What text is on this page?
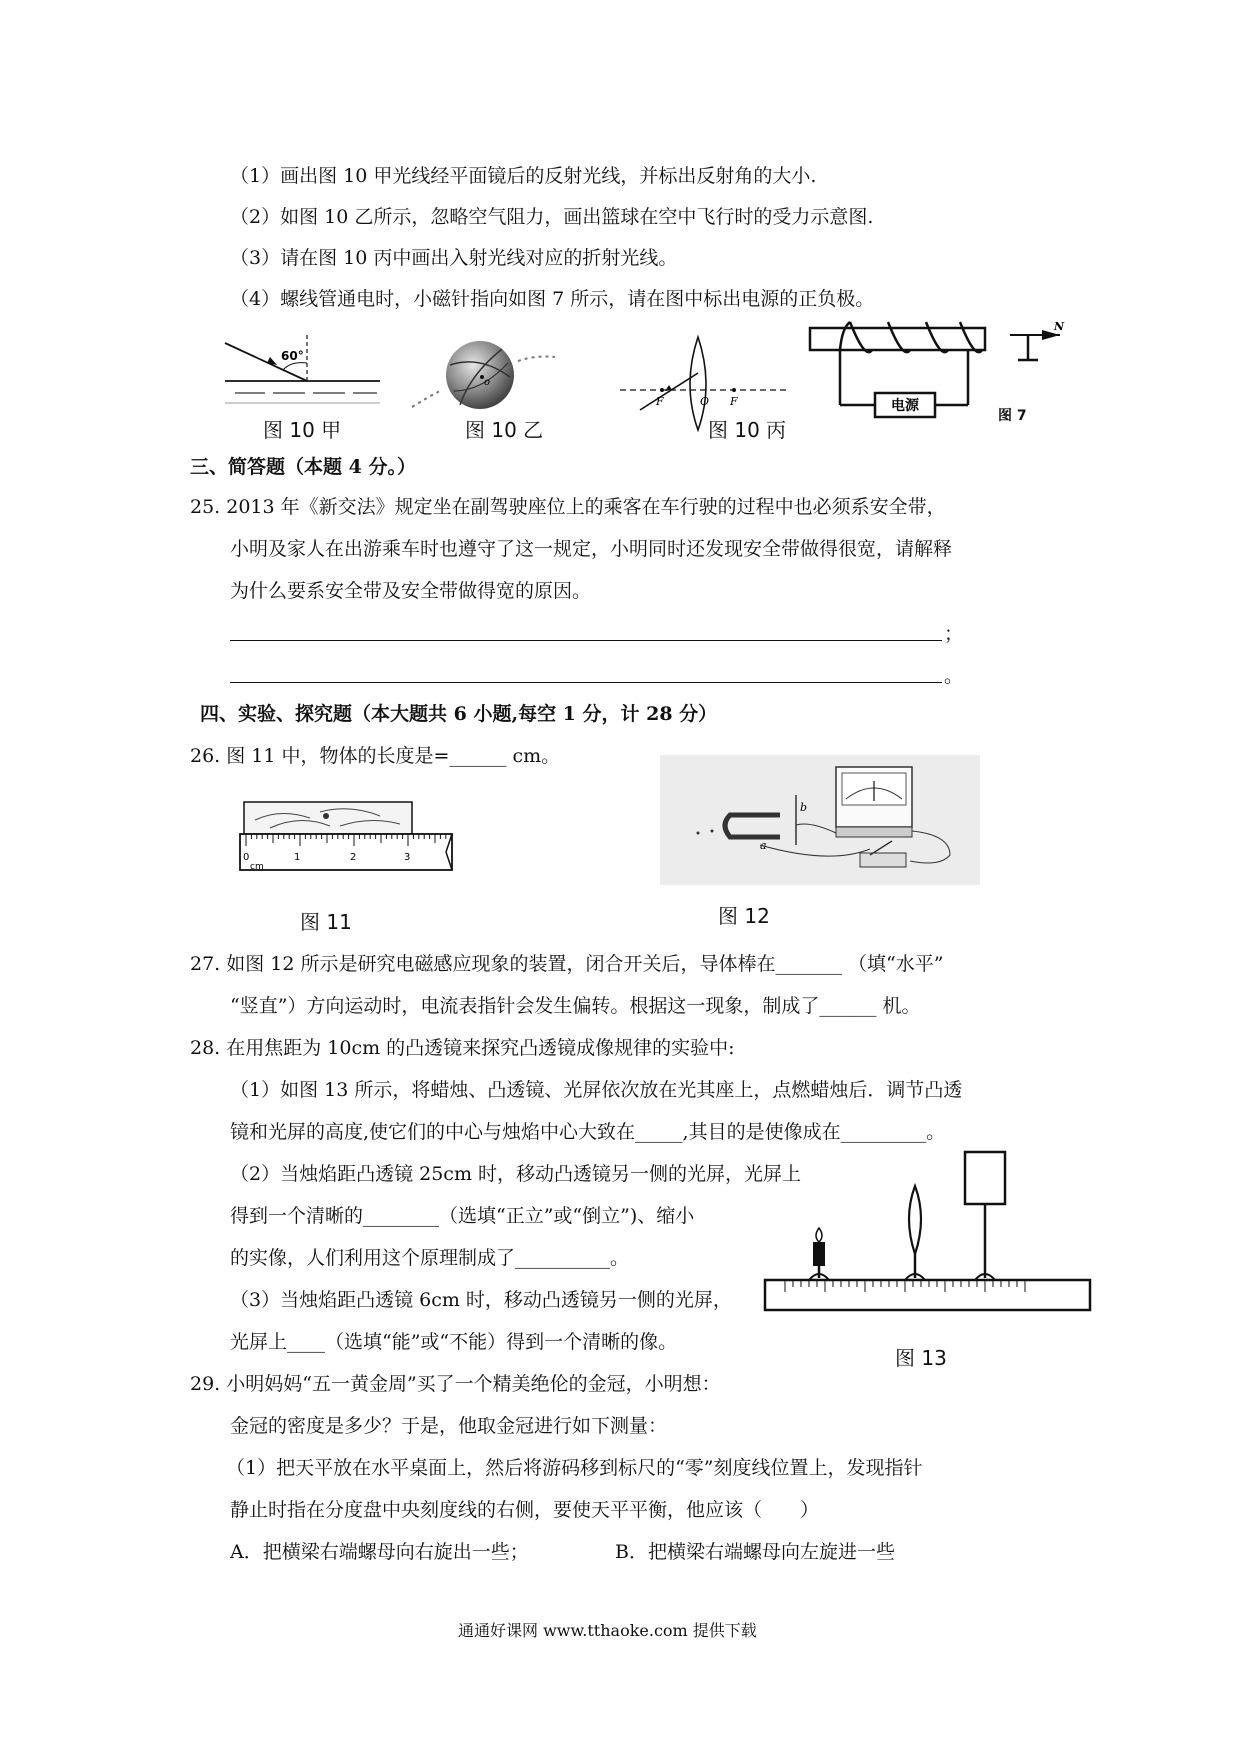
（1）画出图 10 甲光线经平面镜后的反射光线，并标出反射角的大小.
（2）如图 10 乙所示，忽略空气阻力，画出篮球在空中飞行时的受力示意图.
（3）请在图 10 丙中画出入射光线对应的折射光线。
（4）螺线管通电时，小磁针指向如图 7 所示，请在图中标出电源的正负极。
60°
图 10 甲
o
图 10 乙
F	O F
图 10 丙
电源
N
图 7
三、简答题（本题 4 分。）
25. 2013 年《新交法》规定坐在副驾驶座位上的乘客在车行驶的过程中也必须系安全带，
小明及家人在出游乘车时也遵守了这一规定，小明同时还发现安全带做得很宽，请解释
为什么要系安全带及安全带做得宽的原因。
；
。
四、实验、探究题（本大题共 6 小题,每空 1 分，计 28 分）
26. 图 11 中，物体的长度是=______ cm。
0	1	2	3
cm
图 11
b
a
图 12
27. 如图 12 所示是研究电磁感应现象的装置，闭合开关后，导体棒在_______ （填“水平”
“竖直”）方向运动时，电流表指针会发生偏转。根据这一现象，制成了______ 机。
28. 在用焦距为 10cm 的凸透镜来探究凸透镜成像规律的实验中:
（1）如图 13 所示，将蜡烛、凸透镜、光屏依次放在光其座上，点燃蜡烛后．调节凸透
镜和光屏的高度,使它们的中心与烛焰中心大致在_____,其目的是使像成在_________。
（2）当烛焰距凸透镜 25cm 时，移动凸透镜另一侧的光屏，光屏上
得到一个清晰的________（选填“正立”或“倒立”)、缩小
的实像，人们利用这个原理制成了__________。
（3）当烛焰距凸透镜 6cm 时，移动凸透镜另一侧的光屏，
光屏上____（选填“能”或“不能）得到一个清晰的像。
图 13
29. 小明妈妈“五一黄金周”买了一个精美绝伦的金冠，小明想：
金冠的密度是多少？于是，他取金冠进行如下测量：
（1）把天平放在水平桌面上，然后将游码移到标尺的“零”刻度线位置上，发现指针
静止时指在分度盘中央刻度线的右侧，要使天平平衡，他应该（　　）
A．把横梁右端螺母向右旋出一些；	B．把横梁右端螺母向左旋进一些
通通好课网 www.tthaoke.com 提供下载
